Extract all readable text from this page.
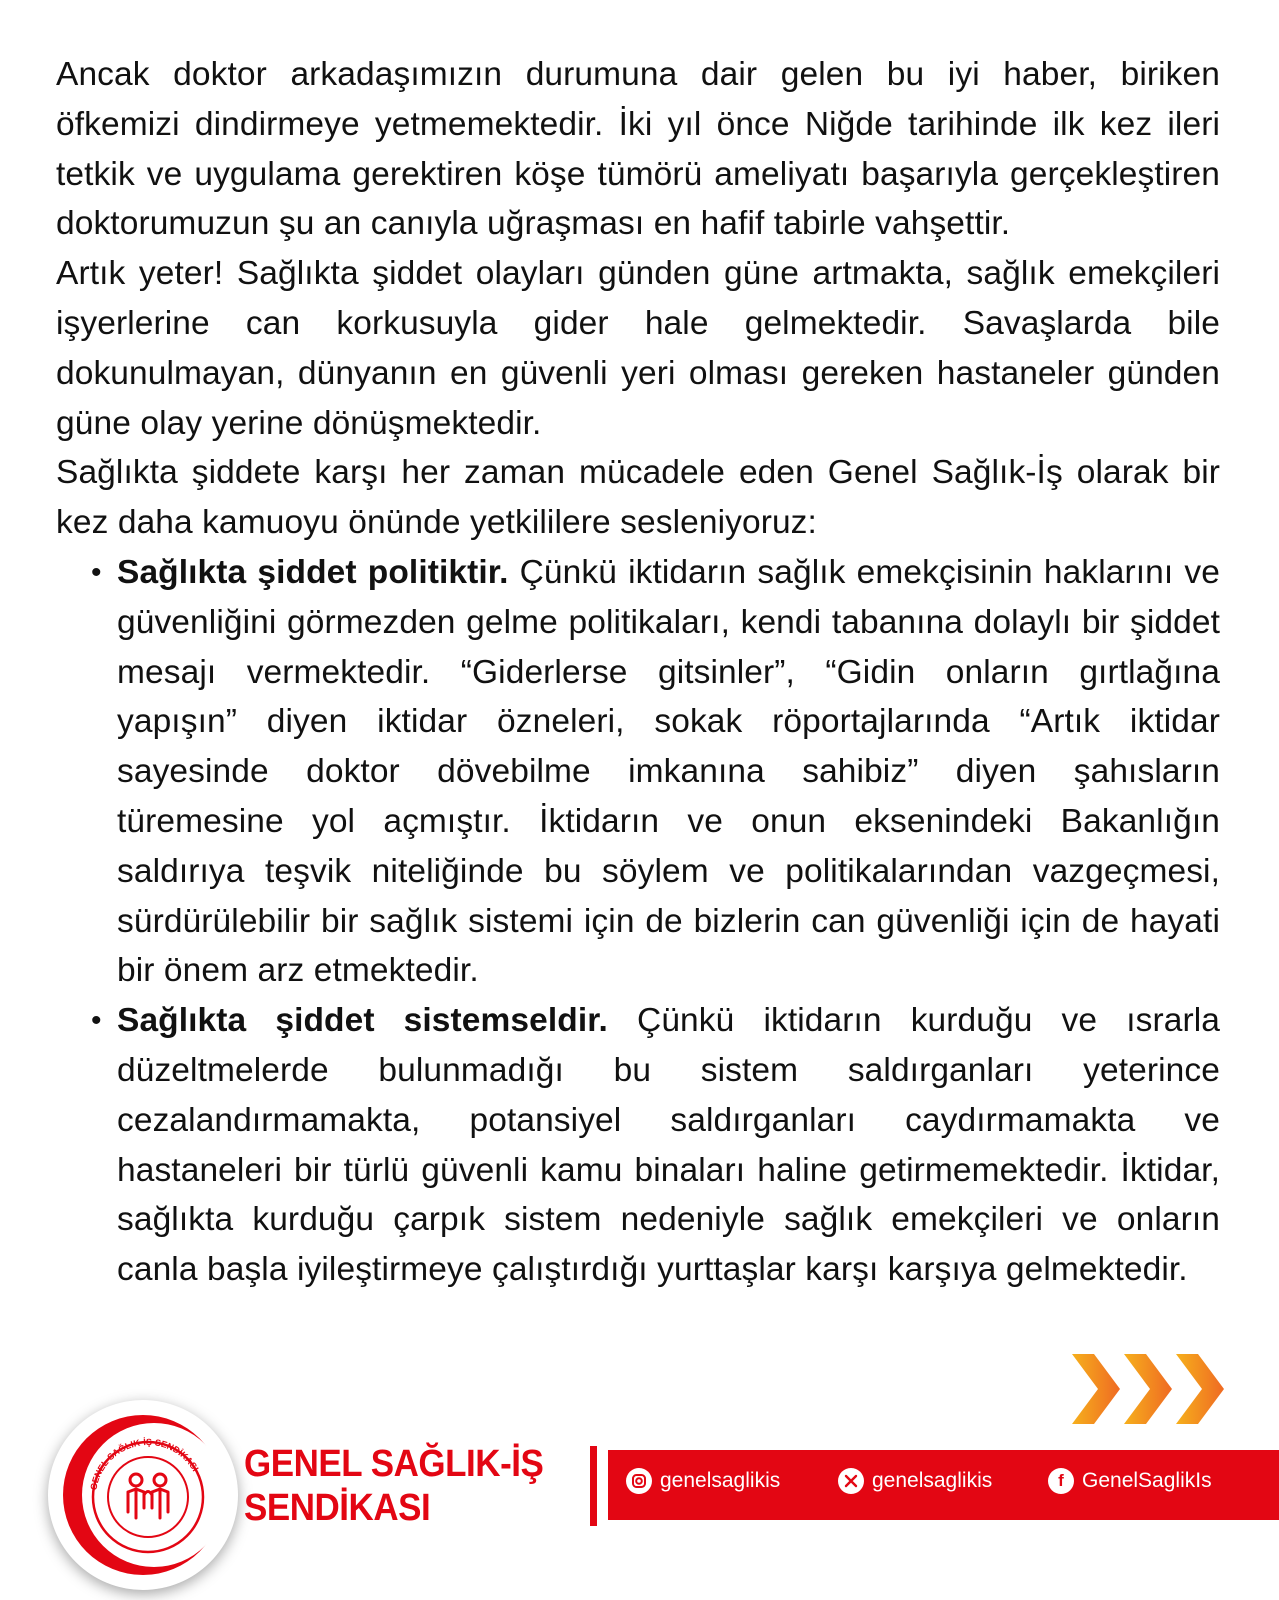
Ancak doktor arkadaşımızın durumuna dair gelen bu iyi haber, biriken öfkemizi dindirmeye yetmemektedir. İki yıl önce Niğde tarihinde ilk kez ileri tetkik ve uygulama gerektiren köşe tümörü ameliyatı başarıyla gerçekleştiren doktorumuzun şu an canıyla uğraşması en hafif tabirle vahşettir.

Artık yeter! Sağlıkta şiddet olayları günden güne artmakta, sağlık emekçileri işyerlerine can korkusuyla gider hale gelmektedir. Savaşlarda bile dokunulmayan, dünyanın en güvenli yeri olması gereken hastaneler günden güne olay yerine dönüşmektedir.

Sağlıkta şiddete karşı her zaman mücadele eden Genel Sağlık-İş olarak bir kez daha kamuoyu önünde yetkililere sesleniyoruz:

• Sağlıkta şiddet politiktir. Çünkü iktidarın sağlık emekçisinin haklarını ve güvenliğini görmezden gelme politikaları, kendi tabanına dolaylı bir şiddet mesajı vermektedir. “Giderlerse gitsinler”, “Gidin onların gırtlağına yapışın” diyen iktidar özneleri, sokak röportajlarında “Artık iktidar sayesinde doktor dövebilme imkanına sahibiz” diyen şahısların türemesine yol açmıştır. İktidarın ve onun eksenindeki Bakanlığın saldırıya teşvik niteliğinde bu söylem ve politikalarından vazgeçmesi, sürdürülebilir bir sağlık sistemi için de bizlerin can güvenliği için de hayati bir önem arz etmektedir.
• Sağlıkta şiddet sistemseldir. Çünkü iktidarın kurduğu ve ısrarla düzeltmelerde bulunmadığı bu sistem saldırganları yeterince cezalandırmamakta, potansiyel saldırganları caydırmamakta ve hastaneleri bir türlü güvenli kamu binaları haline getirmemektedir. İktidar, sağlıkta kurduğu çarpık sistem nedeniyle sağlık emekçileri ve onların canla başla iyileştirmeye çalıştırdığı yurttaşlar karşı karşıya gelmektedir.
GENEL SAĞLIK-İŞ SENDİKASI GENEL SAĞLIK-İŞ
SENDİKASI
genelsaglikis	genelsaglikis	f GenelSaglikIs
